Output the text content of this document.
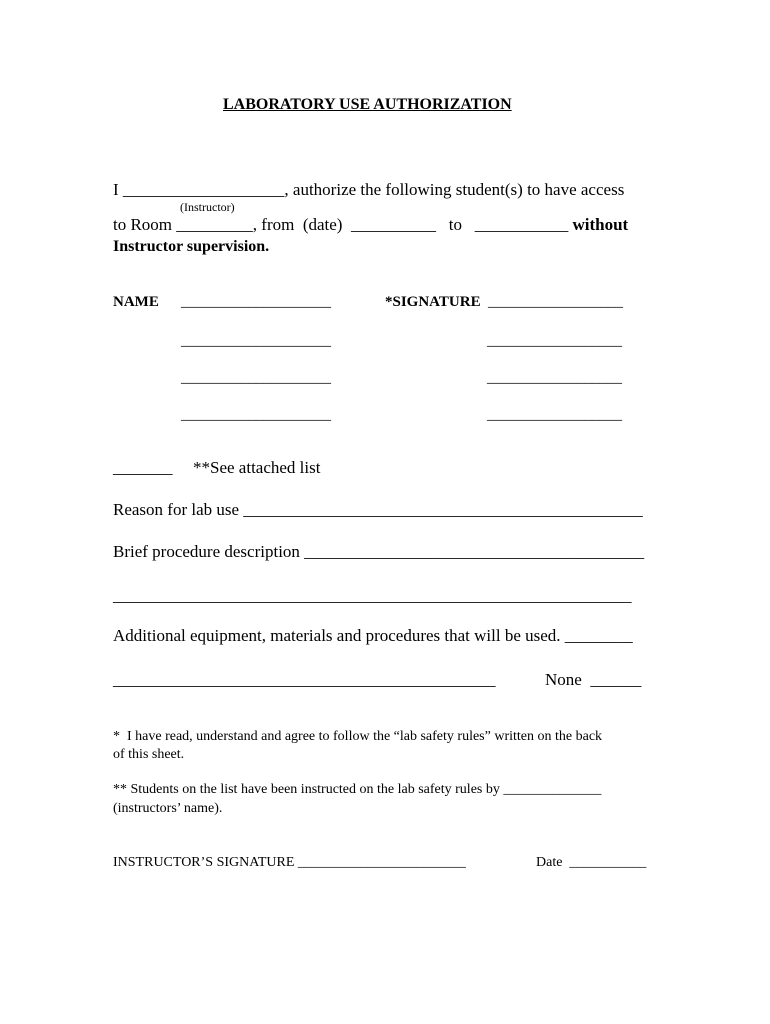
LABORATORY USE AUTHORIZATION
I ___________________, authorize the following student(s) to have access
(Instructor)
to Room _________, from  (date)  __________   to   ___________ without
Instructor supervision.
NAME ____________________	*SIGNATURE __________________
____________________	__________________
____________________	__________________
____________________	__________________
_______ **See attached list
Reason for lab use _______________________________________________
Brief procedure description ________________________________________
_____________________________________________________________
Additional equipment, materials and procedures that will be used. ________
_____________________________________________	None  ______
*  I have read, understand and agree to follow the “lab safety rules” written on the back
of this sheet.
** Students on the list have been instructed on the lab safety rules by ______________
(instructors’ name).
INSTRUCTOR’S SIGNATURE ________________________	Date  ___________
